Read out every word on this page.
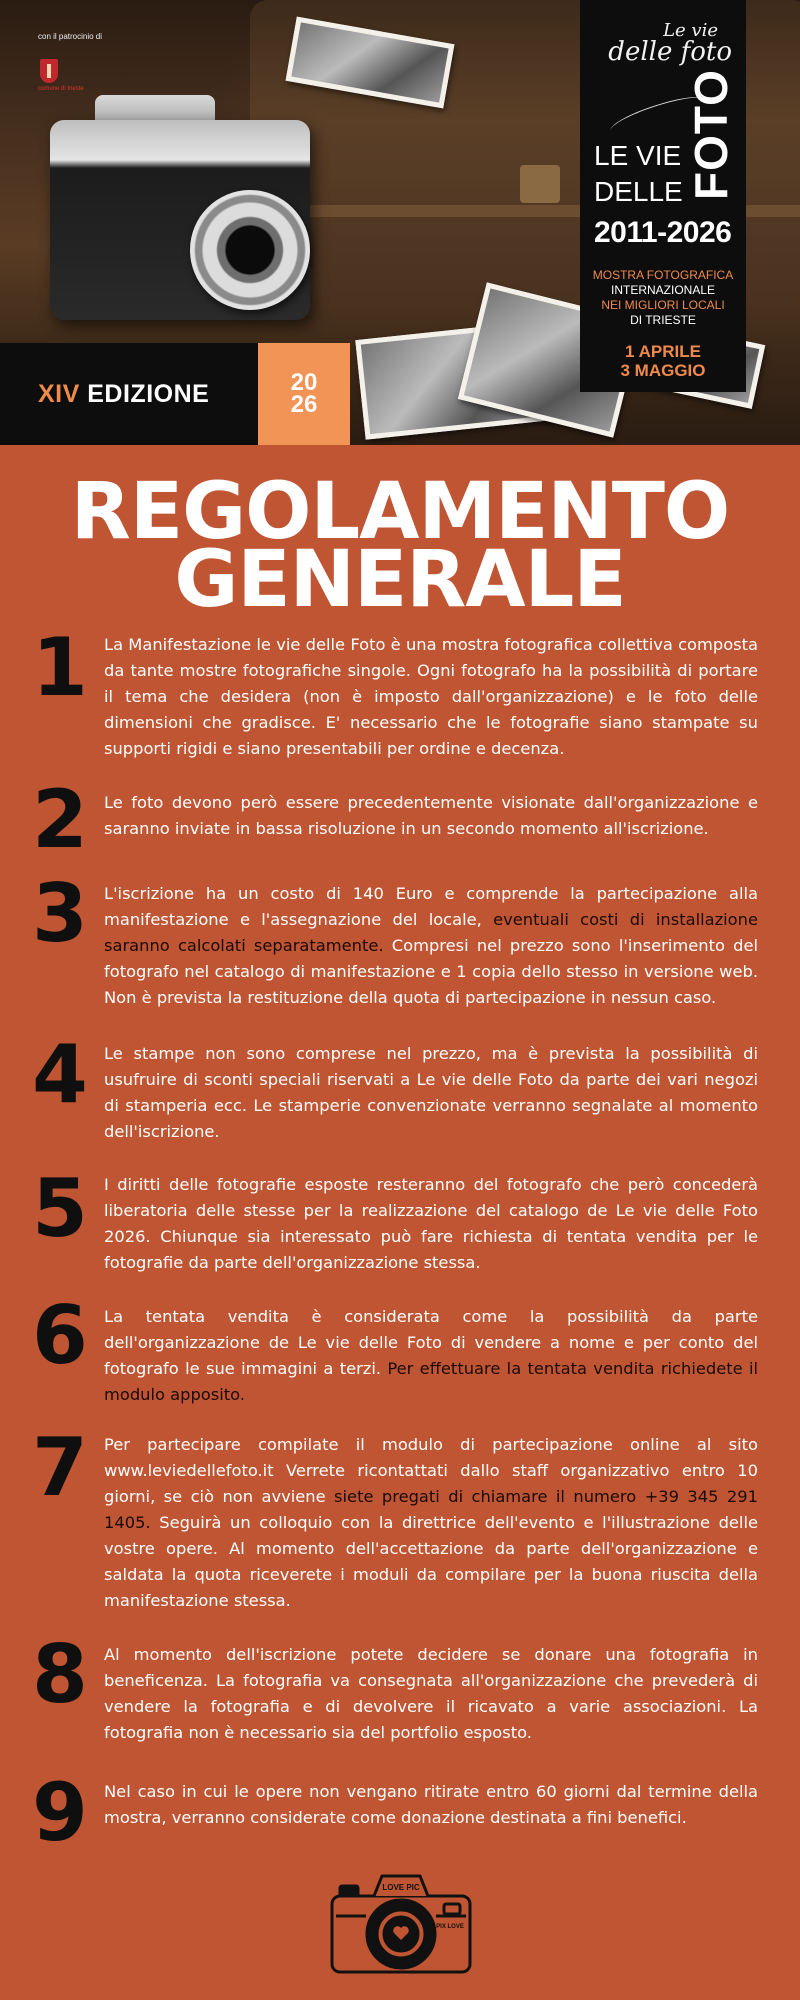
con il patrocinio di
comune di trieste
XIV EDIZIONE	20
26
Le vie
delle foto
LE VIE
DELLE FOTO
2011-2026
MOSTRA FOTOGRAFICA
INTERNAZIONALE
NEI MIGLIORI LOCALI
DI TRIESTE
1 APRILE
3 MAGGIO
REGOLAMENTO
GENERALE
1 La Manifestazione le vie delle Foto è una mostra fotografica collettiva composta da tante mostre fotografiche singole. Ogni fotografo ha la possibilità di portare il tema che desidera (non è imposto dall'organizzazione) e le foto delle dimensioni che gradisce. E' necessario che le fotografie siano stampate su supporti rigidi e siano presentabili per ordine e decenza.

2 Le foto devono però essere precedentemente visionate dall'organizzazione e saranno inviate in bassa risoluzione in un secondo momento all'iscrizione.

3 L'iscrizione ha un costo di 140 Euro e comprende la partecipazione alla manifestazione e l'assegnazione del locale, eventuali costi di installazione saranno calcolati separatamente. Compresi nel prezzo sono l'inserimento del fotografo nel catalogo di manifestazione e 1 copia dello stesso in versione web. Non è prevista la restituzione della quota di partecipazione in nessun caso.

4 Le stampe non sono comprese nel prezzo, ma è prevista la possibilità di usufruire di sconti speciali riservati a Le vie delle Foto da parte dei vari negozi di stamperia ecc. Le stamperie convenzionate verranno segnalate al momento dell'iscrizione.

5 I diritti delle fotografie esposte resteranno del fotografo che però concederà liberatoria delle stesse per la realizzazione del catalogo de Le vie delle Foto 2026. Chiunque sia interessato può fare richiesta di tentata vendita per le fotografie da parte dell'organizzazione stessa.

6 La tentata vendita è considerata come la possibilità da parte dell'organizzazione de Le vie delle Foto di vendere a nome e per conto del fotografo le sue immagini a terzi. Per effettuare la tentata vendita richiedete il modulo apposito.

7 Per partecipare compilate il modulo di partecipazione online al sito www.leviedellefoto.it Verrete ricontattati dallo staff organizzativo entro 10 giorni, se ciò non avviene siete pregati di chiamare il numero +39 345 291 1405. Seguirà un colloquio con la direttrice dell'evento e l'illustrazione delle vostre opere. Al momento dell'accettazione da parte dell'organizzazione e saldata la quota riceverete i moduli da compilare per la buona riuscita della manifestazione stessa.

8 Al momento dell'iscrizione potete decidere se donare una fotografia in beneficenza. La fotografia va consegnata all'organizzazione che prevederà di vendere la fotografia e di devolvere il ricavato a varie associazioni. La fotografia non è necessario sia del portfolio esposto.

9 Nel caso in cui le opere non vengano ritirate entro 60 giorni dal termine della mostra, verranno considerate come donazione destinata a fini benefici.

LOVE PIC
PIX LOVE
